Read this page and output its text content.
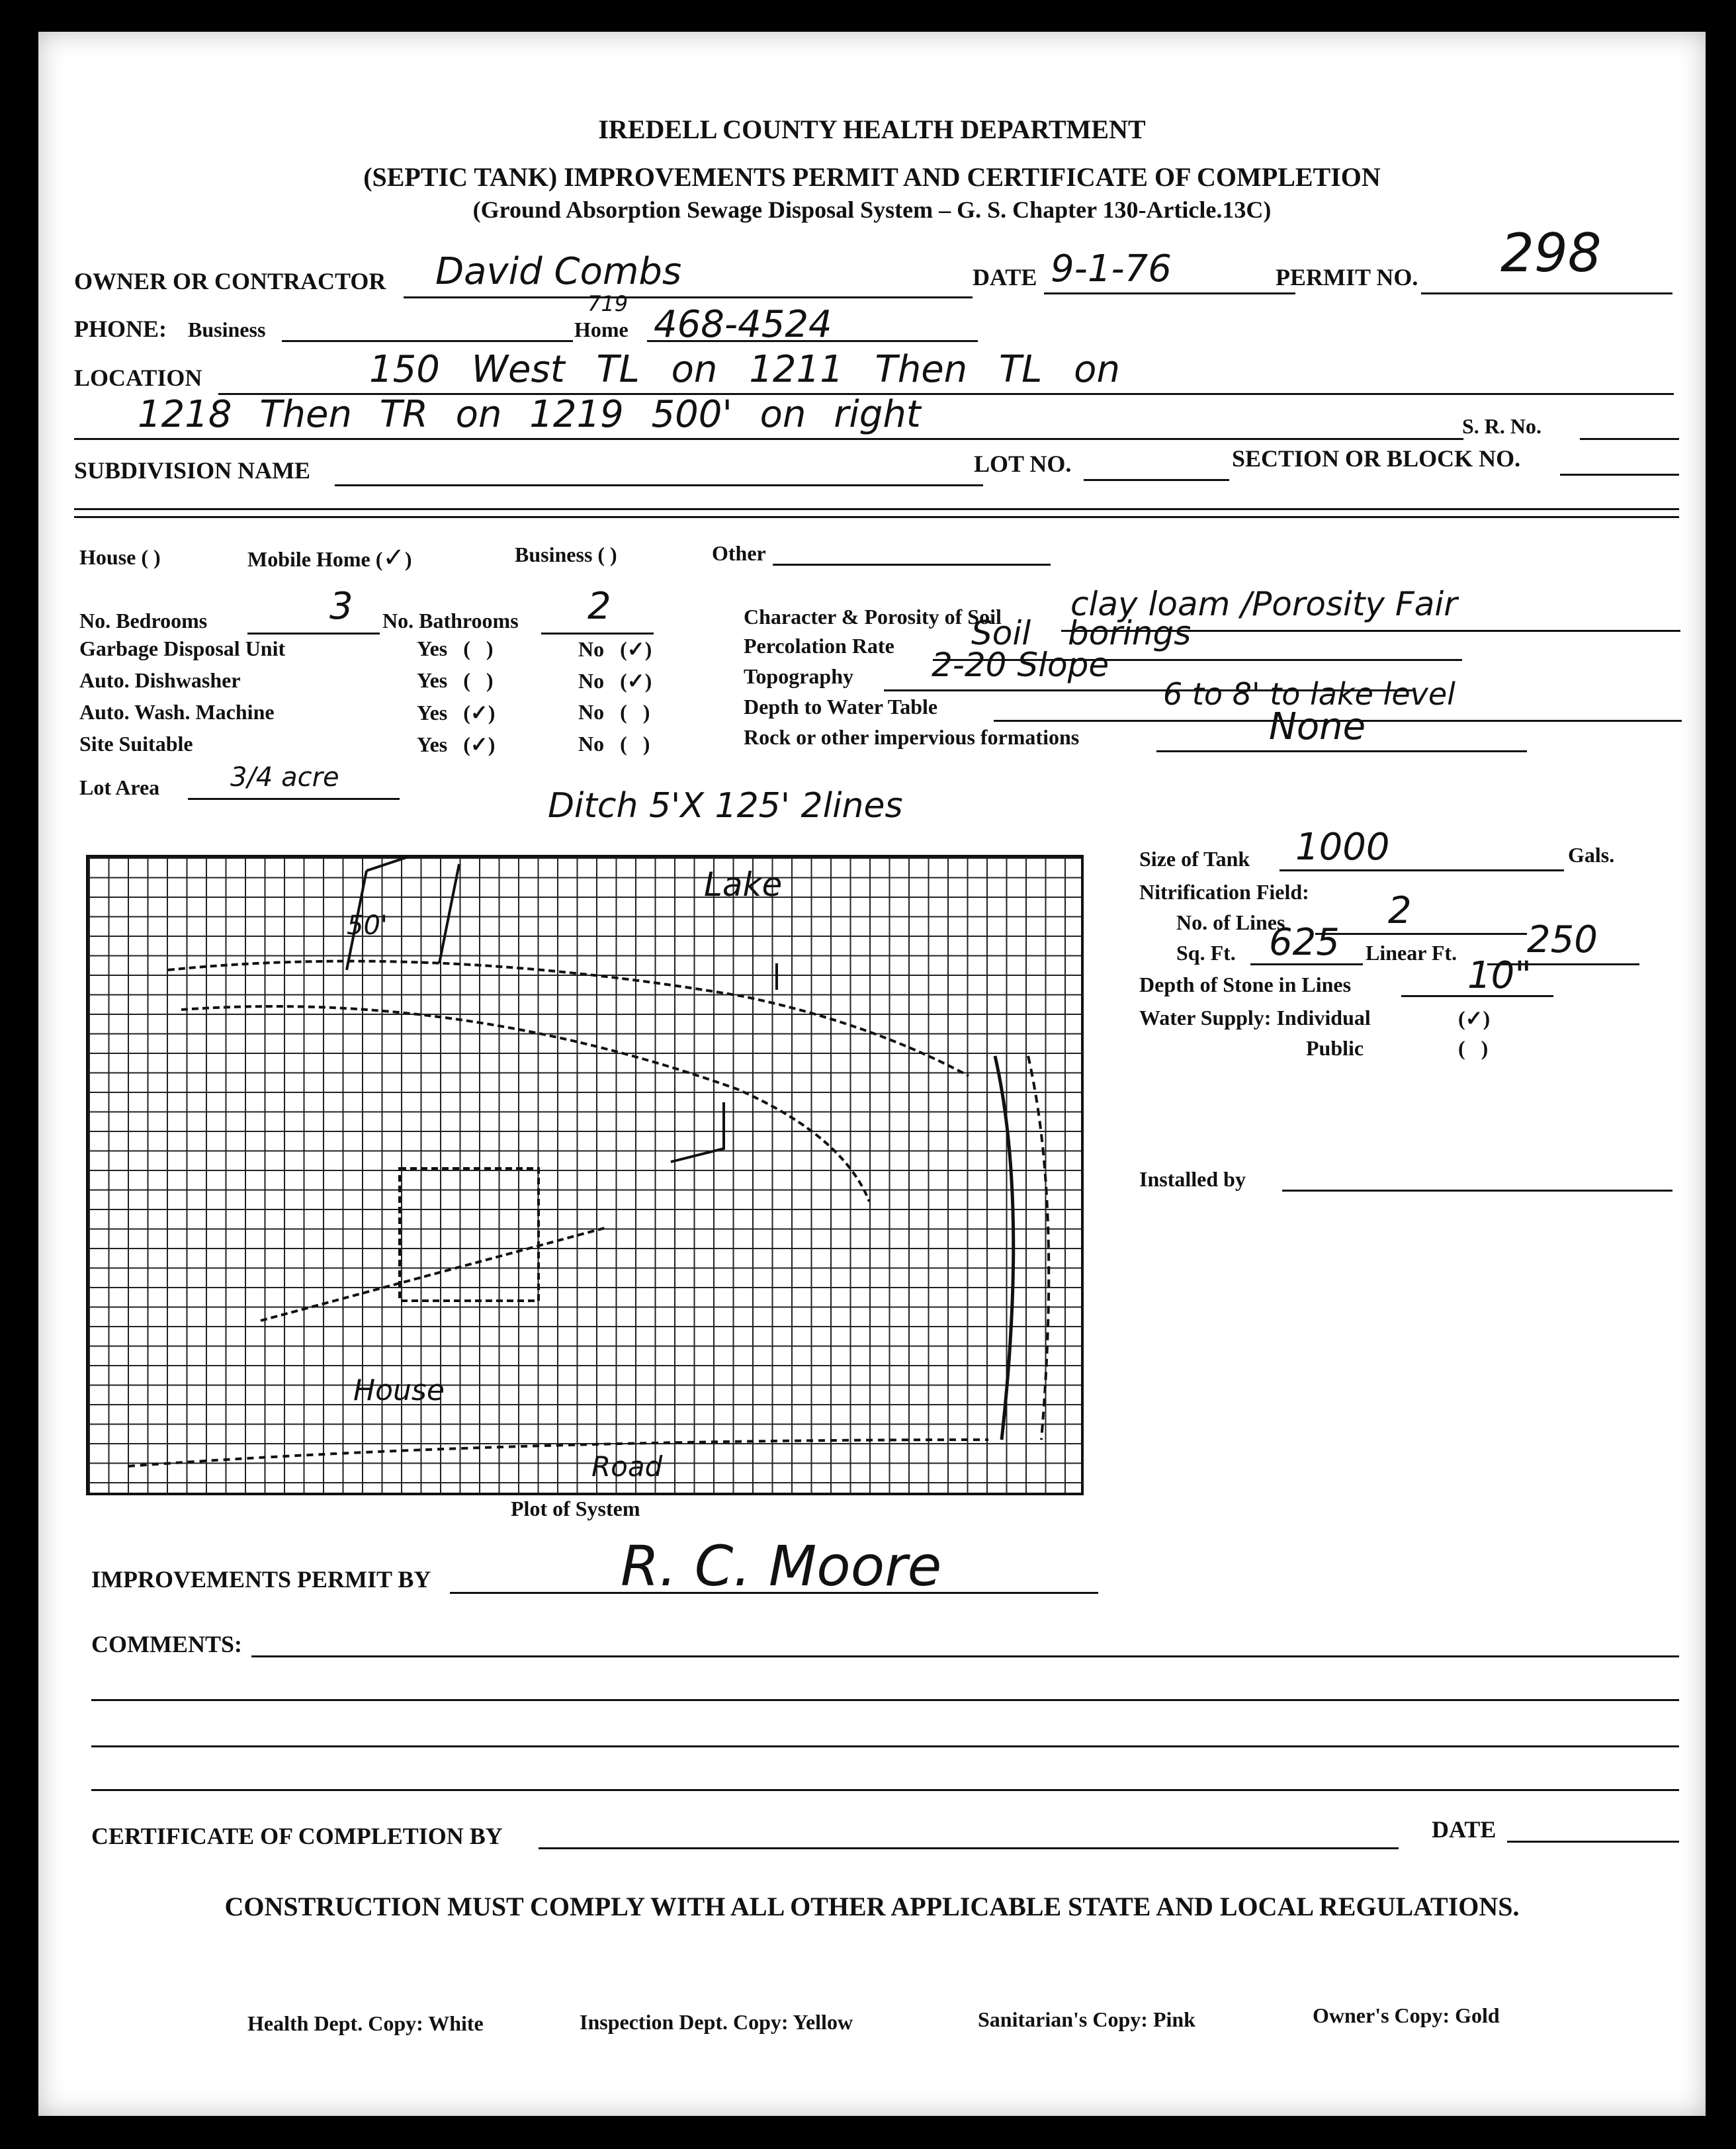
IREDELL COUNTY HEALTH DEPARTMENT
(SEPTIC TANK) IMPROVEMENTS PERMIT AND CERTIFICATE OF COMPLETION
(Ground Absorption Sewage Disposal System – G. S. Chapter 130-Article.13C)
OWNER OR CONTRACTOR David Combs	DATE 9-1-76	PERMIT NO. 298
PHONE: Business	Home
719 468-4524
LOCATION	150 West TL on 1211 Then TL on
1218 Then TR on 1219 500' on right	S. R. No.
SUBDIVISION NAME	LOT NO.	SECTION OR BLOCK NO.
House ( )	Mobile Home (✓)	Business ( )	Other
No. Bedrooms	3 No. Bathrooms 2
Garbage Disposal Unit	Yes   (   )	No   (✓)
Auto. Dishwasher	Yes   (   )	No   (✓)
Auto. Wash. Machine	Yes   (✓)	No   (   )
Site Suitable	Yes   (✓)	No   (   )
Character & Porosity of Soil clay loam /Porosity Fair
Percolation Rate Soil borings
Topography 2-20 Slope
Depth to Water Table	6 to 8' to lake level
Rock or other impervious formations	None
Lot Area	3/4 acre
Ditch 5'X 125' 2lines
Lake
50'
House
Road
Plot of System
Size of Tank 1000	Gals.
Nitrification Field:
No. of Lines	2
Sq. Ft. 625 Linear Ft. 250
Depth of Stone in Lines	10"
Water Supply: Individual	(✓)
Public	(   )
Installed by
IMPROVEMENTS PERMIT BY	R. C. Moore
COMMENTS:
CERTIFICATE OF COMPLETION BY	DATE
CONSTRUCTION MUST COMPLY WITH ALL OTHER APPLICABLE STATE AND LOCAL REGULATIONS.
Health Dept. Copy: White	Inspection Dept. Copy: Yellow	Sanitarian's Copy: Pink	Owner's Copy: Gold
